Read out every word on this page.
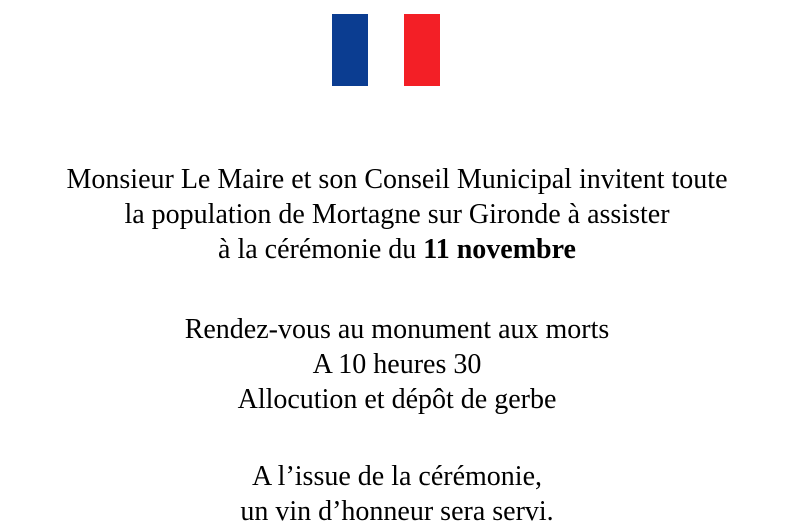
Monsieur Le Maire et son Conseil Municipal invitent toute
la population de Mortagne sur Gironde à assister
à la cérémonie du 11 novembre
Rendez-vous au monument aux morts
A 10 heures 30
Allocution et dépôt de gerbe
A l’issue de la cérémonie,
un vin d’honneur sera servi.
